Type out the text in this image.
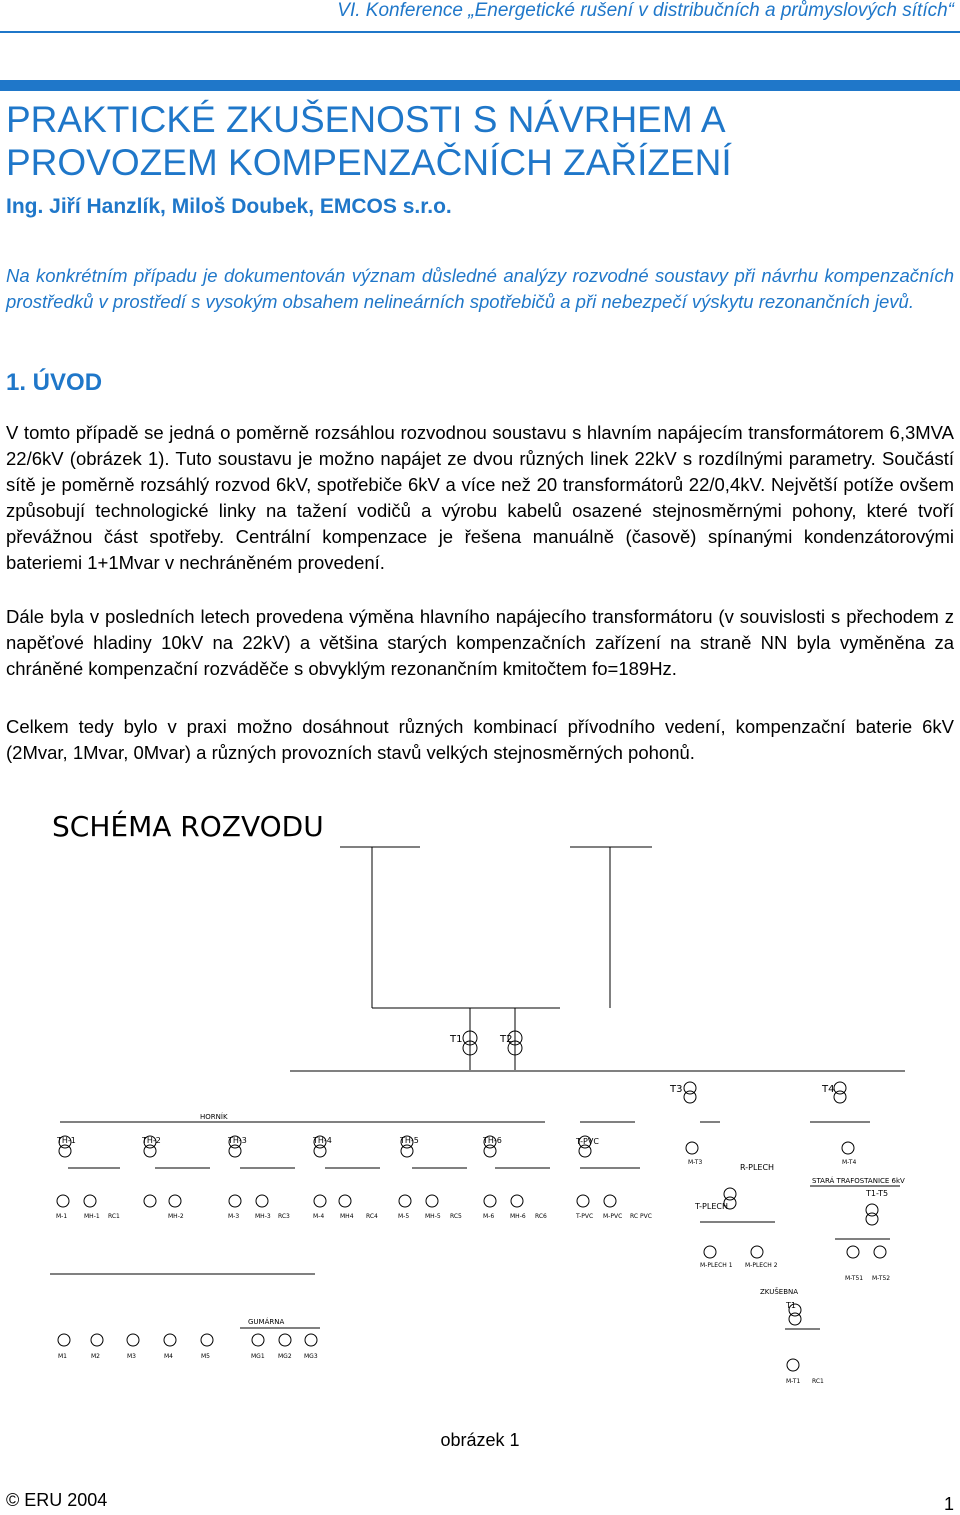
VI. Konference „Energetické rušení v distribučních a průmyslových sítích“
PRAKTICKÉ ZKUŠENOSTI S NÁVRHEM A
PROVOZEM KOMPENZAČNÍCH ZAŘÍZENÍ
Ing. Jiří Hanzlík, Miloš Doubek, EMCOS s.r.o.
Na konkrétním případu je dokumentován význam důsledné analýzy rozvodné soustavy při návrhu kompenzačních prostředků v prostředí s vysokým obsahem nelineárních spotřebičů a při nebezpečí výskytu rezonančních jevů.
1. ÚVOD
V tomto případě se jedná o poměrně rozsáhlou rozvodnou soustavu s hlavním napájecím transformátorem 6,3MVA 22/6kV (obrázek 1). Tuto soustavu je možno napájet ze dvou různých linek 22kV s rozdílnými parametry. Součástí sítě je poměrně rozsáhlý rozvod 6kV, spotřebiče 6kV a více než 20 transformátorů 22/0,4kV. Největší potíže ovšem způsobují technologické linky na tažení vodičů a výrobu kabelů osazené stejnosměrnými pohony, které tvoří převážnou část spotřeby. Centrální kompenzace je řešena manuálně (časově) spínanými kondenzátorovými bateriemi 1+1Mvar v nechráněném provedení.
Dále byla v posledních letech provedena výměna hlavního napájecího transformátoru (v souvislosti s přechodem z napěťové hladiny 10kV na 22kV) a většina starých kompenzačních zařízení na straně NN byla vyměněna za chráněné kompenzační rozváděče s obvyklým rezonančním kmitočtem fo=189Hz.
Celkem tedy bylo v praxi možno dosáhnout různých kombinací přívodního vedení, kompenzační baterie 6kV (2Mvar, 1Mvar, 0Mvar) a různých provozních stavů velkých stejnosměrných pohonů.
SCHÉMA ROZVODU
T1	T2
HORNÍK
GUMÁRNA
STARÁ TRAFOSTANICE 6kV
ZKUŠEBNA
R-PLECH
T-PLECH
T-PVC
TH-1	TH-2	TH-3	TH-4	TH-5	TH-6
T3	T4
T1-T5
T1
M-1	MH-1 RC1	MH-2	M-3	MH-3 RC3	M-4	MH4 RC4	M-5	MH-5 RC5	M-6	MH-6 RC6	T-PVC M-PVC RC PVC
M1	M2	M3	M4	M5	MG1 MG2 MG3
M-T3	M-T4
M-PLECH 1 M-PLECH 2
M-T51 M-T52
M-T1 RC1
obrázek 1
© ERU 2004	1
